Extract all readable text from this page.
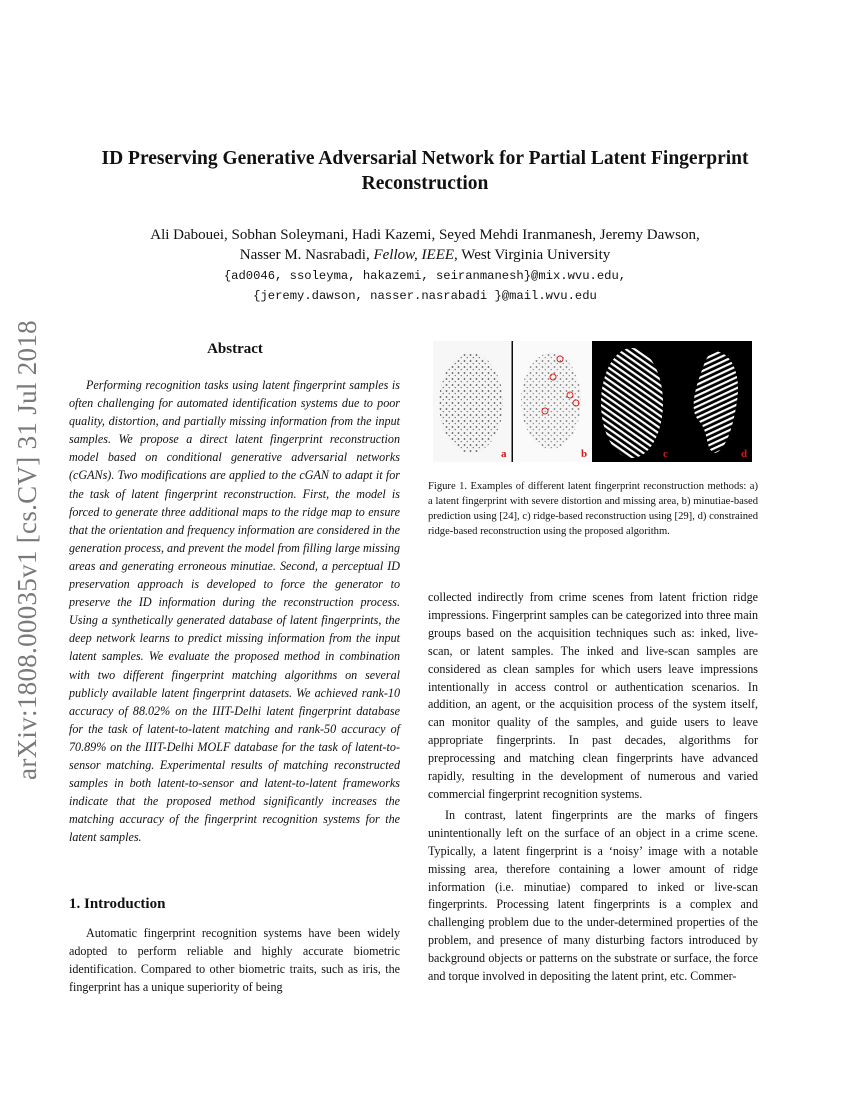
arXiv:1808.00035v1 [cs.CV] 31 Jul 2018
ID Preserving Generative Adversarial Network for Partial Latent Fingerprint
Reconstruction
Ali Dabouei, Sobhan Soleymani, Hadi Kazemi, Seyed Mehdi Iranmanesh, Jeremy Dawson,
Nasser M. Nasrabadi, Fellow, IEEE, West Virginia University
{ad0046, ssoleyma, hakazemi, seiranmanesh}@mix.wvu.edu,
{jeremy.dawson, nasser.nasrabadi }@mail.wvu.edu
Abstract
Performing recognition tasks using latent fingerprint samples is often challenging for automated identification systems due to poor quality, distortion, and partially missing information from the input samples. We propose a direct latent fingerprint reconstruction model based on conditional generative adversarial networks (cGANs). Two modifications are applied to the cGAN to adapt it for the task of latent fingerprint reconstruction. First, the model is forced to generate three additional maps to the ridge map to ensure that the orientation and frequency information are considered in the generation process, and prevent the model from filling large missing areas and generating erroneous minutiae. Second, a perceptual ID preservation approach is developed to force the generator to preserve the ID information during the reconstruction process. Using a synthetically generated database of latent fingerprints, the deep network learns to predict missing information from the input latent samples. We evaluate the proposed method in combination with two different fingerprint matching algorithms on several publicly available latent fingerprint datasets. We achieved rank-10 accuracy of 88.02% on the IIIT-Delhi latent fingerprint database for the task of latent-to-latent matching and rank-50 accuracy of 70.89% on the IIIT-Delhi MOLF database for the task of latent-to-sensor matching. Experimental results of matching reconstructed samples in both latent-to-sensor and latent-to-latent frameworks indicate that the proposed method significantly increases the matching accuracy of the fingerprint recognition systems for the latent samples.
1. Introduction
Automatic fingerprint recognition systems have been widely adopted to perform reliable and highly accurate biometric identification. Compared to other biometric traits, such as iris, the fingerprint has a unique superiority of being
a	b	c	d
Figure 1. Examples of different latent fingerprint reconstruction methods: a) a latent fingerprint with severe distortion and missing area, b) minutiae-based prediction using [24], c) ridge-based reconstruction using [29], d) constrained ridge-based reconstruction using the proposed algorithm.

collected indirectly from crime scenes from latent friction ridge impressions. Fingerprint samples can be categorized into three main groups based on the acquisition techniques such as: inked, live-scan, or latent samples. The inked and live-scan samples are considered as clean samples for which users leave impressions intentionally in access control or authentication scenarios. In addition, an agent, or the acquisition process of the system itself, can monitor quality of the samples, and guide users to leave appropriate fingerprints. In past decades, algorithms for preprocessing and matching clean fingerprints have advanced rapidly, resulting in the development of numerous and varied commercial fingerprint recognition systems.

In contrast, latent fingerprints are the marks of fingers unintentionally left on the surface of an object in a crime scene. Typically, a latent fingerprint is a ‘noisy’ image with a notable missing area, therefore containing a lower amount of ridge information (i.e. minutiae) compared to inked or live-scan fingerprints. Processing latent fingerprints is a complex and challenging problem due to the under-determined properties of the problem, and presence of many disturbing factors introduced by background objects or patterns on the substrate or surface, the force and torque involved in depositing the latent print, etc. Commer-
